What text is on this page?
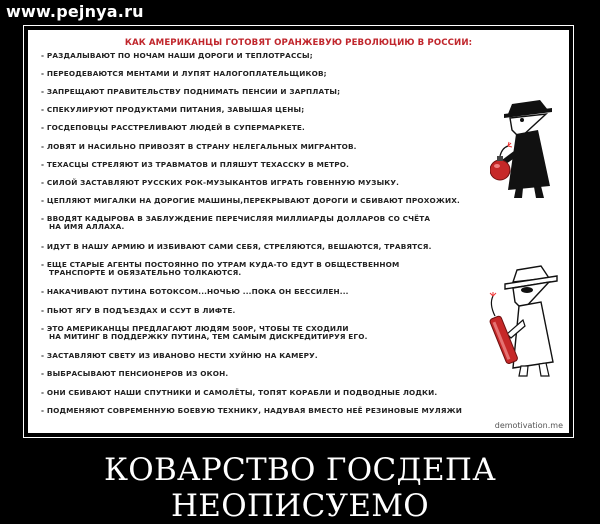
www.pejnya.ru
КАК АМЕРИКАНЦЫ ГОТОВЯТ ОРАНЖЕВУЮ РЕВОЛЮЦИЮ В РОССИИ:
- РАЗДАЛЫВАЮТ ПО НОЧАМ НАШИ ДОРОГИ И ТЕПЛОТРАССЫ;
- ПЕРЕОДЕВАЮТСЯ МЕНТАМИ И ЛУПЯТ НАЛОГОПЛАТЕЛЬЩИКОВ;
- ЗАПРЕЩАЮТ ПРАВИТЕЛЬСТВУ ПОДНИМАТЬ ПЕНСИИ И ЗАРПЛАТЫ;
- СПЕКУЛИРУЮТ ПРОДУКТАМИ ПИТАНИЯ, ЗАВЫШАЯ ЦЕНЫ;
- ГОСДЕПОВЦЫ РАССТРЕЛИВАЮТ ЛЮДЕЙ В СУПЕРМАРКЕТЕ.
- ЛОВЯТ И НАСИЛЬНО ПРИВОЗЯТ В СТРАНУ НЕЛЕГАЛЬНЫХ МИГРАНТОВ.
- ТЕХАСЦЫ СТРЕЛЯЮТ ИЗ ТРАВМАТОВ И ПЛЯШУТ ТЕХАССКУ В МЕТРО.
- СИЛОЙ ЗАСТАВЛЯЮТ РУССКИХ РОК-МУЗЫКАНТОВ ИГРАТЬ ГОВЕННУЮ МУЗЫКУ.
- ЦЕПЛЯЮТ МИГАЛКИ НА ДОРОГИЕ МАШИНЫ,ПЕРЕКРЫВАЮТ ДОРОГИ И СБИВАЮТ ПРОХОЖИХ.
- ВВОДЯТ КАДЫРОВА В ЗАБЛУЖДЕНИЕ ПЕРЕЧИСЛЯЯ МИЛЛИАРДЫ ДОЛЛАРОВ СО СЧЁТА
НА ИМЯ АЛЛАХА.
- ИДУТ В НАШУ АРМИЮ И ИЗБИВАЮТ САМИ СЕБЯ, СТРЕЛЯЮТСЯ, ВЕШАЮТСЯ, ТРАВЯТСЯ.
- ЕЩЕ СТАРЫЕ АГЕНТЫ ПОСТОЯННО ПО УТРАМ КУДА-ТО ЕДУТ В ОБЩЕСТВЕННОМ
ТРАНСПОРТЕ И ОБЯЗАТЕЛЬНО ТОЛКАЮТСЯ.
- НАКАЧИВАЮТ ПУТИНА БОТОКСОМ...НОЧЬЮ ...ПОКА ОН БЕССИЛЕН...
- ПЬЮТ ЯГУ В ПОДЪЕЗДАХ И ССУТ В ЛИФТЕ.
- ЭТО АМЕРИКАНЦЫ ПРЕДЛАГАЮТ ЛЮДЯМ 500Р, ЧТОБЫ ТЕ СХОДИЛИ
НА МИТИНГ В ПОДДЕРЖКУ ПУТИНА, ТЕМ САМЫМ ДИСКРЕДИТИРУЯ ЕГО.
- ЗАСТАВЛЯЮТ СВЕТУ ИЗ ИВАНОВО НЕСТИ ХУЙНЮ НА КАМЕРУ.
- ВЫБРАСЫВАЮТ ПЕНСИОНЕРОВ ИЗ ОКОН.
- ОНИ СБИВАЮТ НАШИ СПУТНИКИ И САМОЛЁТЫ, ТОПЯТ КОРАБЛИ И ПОДВОДНЫЕ ЛОДКИ.
- ПОДМЕНЯЮТ СОВРЕМЕННУЮ БОЕВУЮ ТЕХНИКУ, НАДУВАЯ ВМЕСТО НЕЁ РЕЗИНОВЫЕ МУЛЯЖИ
demotivation.me
КОВАРСТВО ГОСДЕПА НЕОПИСУЕМО
